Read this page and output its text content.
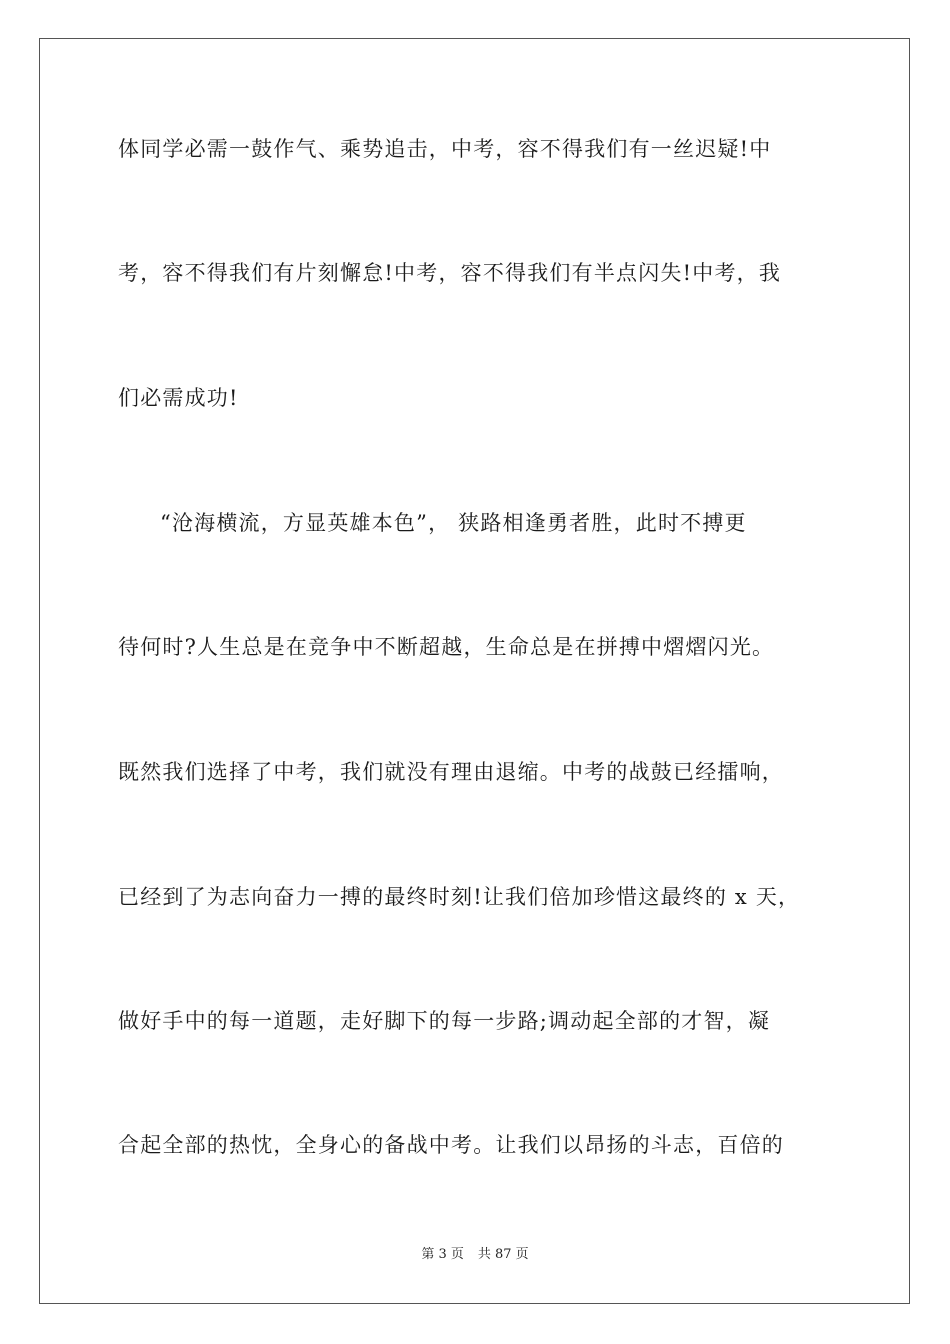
体同学必需一鼓作气、乘势追击，中考，容不得我们有一丝迟疑!中
考，容不得我们有片刻懈怠!中考，容不得我们有半点闪失!中考，我
们必需成功!
“沧海横流，方显英雄本色”， 狭路相逢勇者胜，此时不搏更
待何时?人生总是在竞争中不断超越，生命总是在拼搏中熠熠闪光。
既然我们选择了中考，我们就没有理由退缩。中考的战鼓已经擂响，
已经到了为志向奋力一搏的最终时刻!让我们倍加珍惜这最终的 x 天，
做好手中的每一道题，走好脚下的每一步路;调动起全部的才智，凝
合起全部的热忱，全身心的备战中考。让我们以昂扬的斗志，百倍的
第 3 页 共 87 页
